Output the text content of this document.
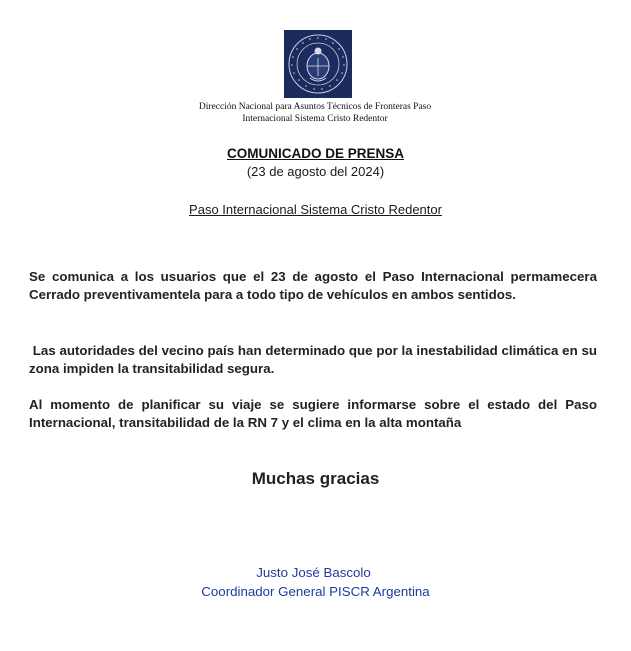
Dirección Nacional para Asuntos Técnicos de Fronteras Paso
Internacional Sistema Cristo Redentor
COMUNICADO DE PRENSA
(23 de agosto del 2024)
Paso Internacional Sistema Cristo Redentor
Se comunica a los usuarios que el 23 de agosto el Paso Internacional permamecera Cerrado preventivamentela para a todo tipo de vehículos en ambos sentidos.
Las autoridades del vecino país han determinado que por la inestabilidad climática en su zona impiden la transitabilidad segura.
Al momento de planificar su viaje se sugiere informarse sobre el estado del Paso Internacional, transitabilidad de la RN 7 y el clima en la alta montaña
Muchas gracias
Justo José Bascolo
Coordinador General PISCR Argentina
